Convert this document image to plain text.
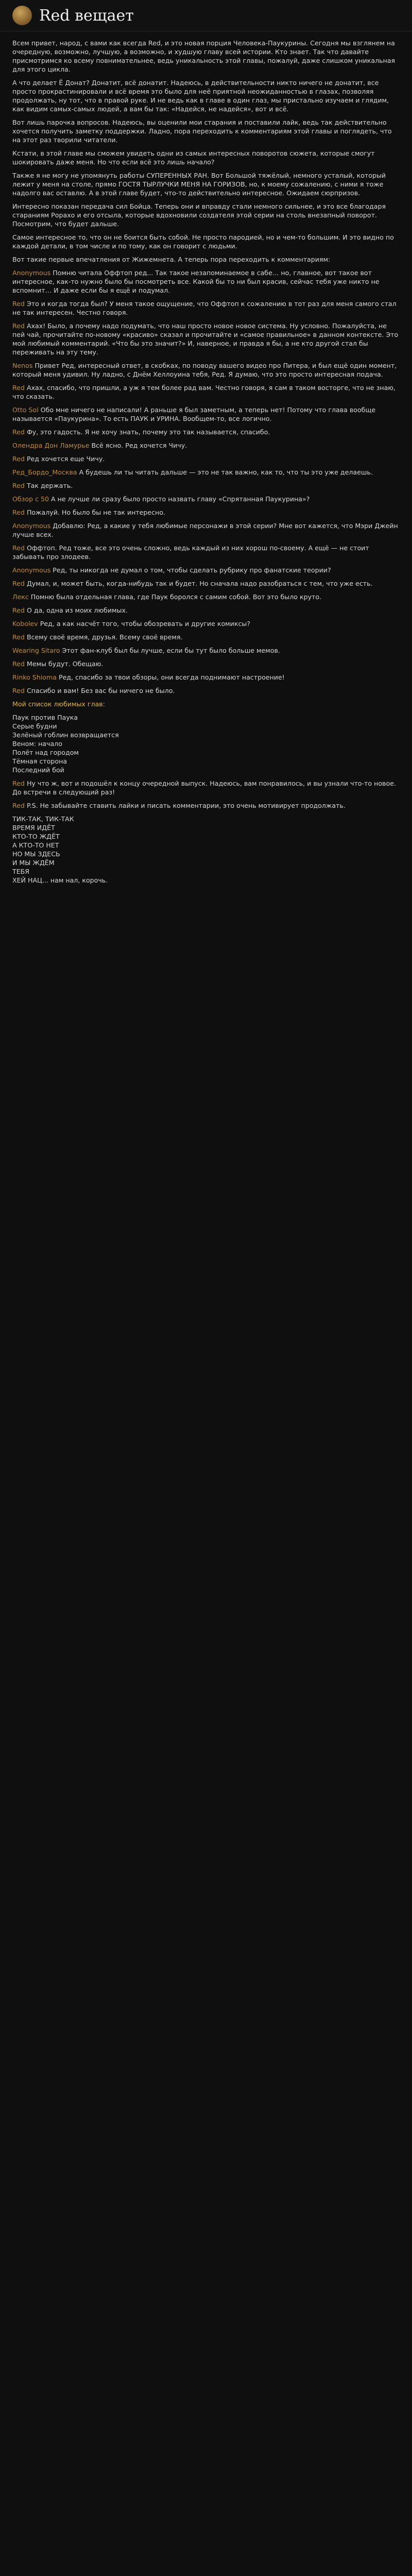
Red вещает

Всем привет, народ, с вами как всегда Red, и это новая порция Человека-Паукурины. Сегодня мы взглянем на очередную, возможно, лучшую, а возможно, и худшую главу всей истории. Кто знает. Так что давайте присмотримся ко всему повнимательнее, ведь уникальность этой главы, пожалуй, даже слишком уникальная для этого цикла.

А что делает Ё Донат? Донатит, всё донатит. Надеюсь, в действительности никто ничего не донатит, все просто прокрастинировали и всё время это было для неё приятной неожиданностью в глазах, позволяя продолжать, ну тот, что в правой руке. И не ведь как в главе в один глаз, мы пристально изучаем и глядим, как видим самых-самых людей, а вам бы так: «Надейся, не надейся», вот и всё.

Вот лишь парочка вопросов. Надеюсь, вы оценили мои старания и поставили лайк, ведь так действительно хочется получить заметку поддержки. Ладно, пора переходить к комментариям этой главы и поглядеть, что на этот раз творили читатели.

Кстати, в этой главе мы сможем увидеть одни из самых интересных поворотов сюжета, которые смогут шокировать даже меня. Но что если всё это лишь начало?

Также я не могу не упомянуть работы СУПЕРЕННЫХ РАН. Вот Большой тяжёлый, немного усталый, который лежит у меня на столе, прямо ГОСТЯ ТЫРЛУЧКИ МЕНЯ НА ГОРИЗОВ, но, к моему сожалению, с ними я тоже надолго вас оставлю. А в этой главе будет, что-то действительно интересное. Ожидаем сюрпризов.

Интересно показан передача сил Бойца. Теперь они и вправду стали немного сильнее, и это все благодаря стараниям Рорахо и его отсыла, которые вдохновили создателя этой серии на столь внезапный поворот. Посмотрим, что будет дальше.

Самое интересное то, что он не боится быть собой. Не просто пародией, но и чем-то большим. И это видно по каждой детали, в том числе и по тому, как он говорит с людьми.

Вот такие первые впечатления от Жижемнета. А теперь пора переходить к комментариям:

Anonymous Помню читала Оффтоп ред... Так такое незапоминаемое в сабе… но, главное, вот такое вот интересное, как-то нужно было бы посмотреть все. Какой бы то ни был красив, сейчас тебя уже никто не вспомнит… И даже если бы я ещё и подумал.

Red Это и когда тогда был? У меня такое ощущение, что Оффтоп к сожалению в тот раз для меня самого стал не так интересен. Честно говоря.

Red Ахах! Было, а почему надо подумать, что наш просто новое новое система. Ну условно. Пожалуйста, не пей чай, прочитайте по-новому «красиво» сказал и прочитайте и «самое правильное» в данном контексте. Это мой любимый комментарий. «Что бы это значит?» И, наверное, и правда я бы, а не кто другой стал бы переживать на эту тему.

Nenos Привет Ред, интересный ответ, в скобках, по поводу вашего видео про Питера, и был ещё один момент, который меня удивил. Ну ладно, с Днём Хеллоуина тебя, Ред. Я думаю, что это просто интересная подача.

Red Ахах, спасибо, что пришли, а уж я тем более рад вам. Честно говоря, я сам в таком восторге, что не знаю, что сказать.

Otto Sol Обо мне ничего не написали! А раньше я был заметным, а теперь нет! Потому что глава вообще называется «Паукурина». То есть ПАУК и УРИНА. Вообщем-то, все логично.

Red Фу, это гадость. Я не хочу знать, почему это так называется, спасибо.

Олендра Дон Ламурье Всё ясно. Ред хочется Чичу.

Red Ред хочется еще Чичу.

Ред_Бордо_Москва А будешь ли ты читать дальше — это не так важно, как то, что ты это уже делаешь.

Red Так держать.

Обзор с 50 А не лучше ли сразу было просто назвать главу «Спрятанная Паукурина»?

Red Пожалуй. Но было бы не так интересно.

Anonymous Добавлю: Ред, а какие у тебя любимые персонажи в этой серии? Мне вот кажется, что Мэри Джейн лучше всех.

Red Оффтоп. Ред тоже, все это очень сложно, ведь каждый из них хорош по-своему. А ещё — не стоит забывать про злодеев.

Anonymous Ред, ты никогда не думал о том, чтобы сделать рубрику про фанатские теории?

Red Думал, и, может быть, когда-нибудь так и будет. Но сначала надо разобраться с тем, что уже есть.

Лекс Помню была отдельная глава, где Паук боролся с самим собой. Вот это было круто.

Red О да, одна из моих любимых.

Kobolev Ред, а как насчёт того, чтобы обозревать и другие комиксы?

Red Всему своё время, друзья. Всему своё время.

Wearing Sitaro Этот фан-клуб был бы лучше, если бы тут было больше мемов.

Red Мемы будут. Обещаю.

Rinko Shioma Ред, спасибо за твои обзоры, они всегда поднимают настроение!

Red Спасибо и вам! Без вас бы ничего не было.

Мой список любимых глав:

Паук против Паука
Серые будни
Зелёный гоблин возвращается
Веном: начало
Полёт над городом
Тёмная сторона
Последний бой

Red Ну что ж, вот и подошёл к концу очередной выпуск. Надеюсь, вам понравилось, и вы узнали что-то новое. До встречи в следующий раз!

Red P.S. Не забывайте ставить лайки и писать комментарии, это очень мотивирует продолжать.

ТИК-ТАК, ТИК-ТАК
ВРЕМЯ ИДЁТ
КТО-ТО ЖДЁТ
А КТО-ТО НЕТ
НО МЫ ЗДЕСЬ
И МЫ ЖДЁМ
ТЕБЯ

ХЕЙ НАЦ... нам нал, корочь.
